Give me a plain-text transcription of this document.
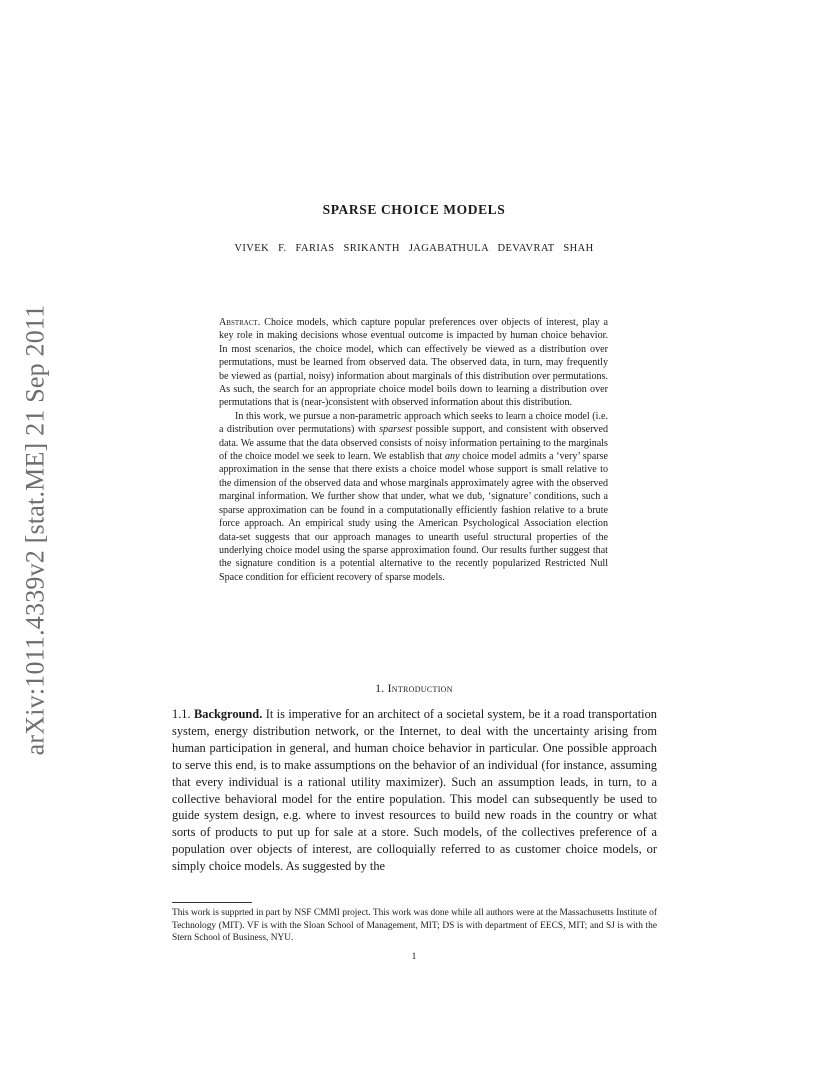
arXiv:1011.4339v2 [stat.ME] 21 Sep 2011
SPARSE CHOICE MODELS
VIVEK F. FARIAS SRIKANTH JAGABATHULA DEVAVRAT SHAH

Abstract. Choice models, which capture popular preferences over objects of interest, play a key role in making decisions whose eventual outcome is impacted by human choice behavior. In most scenarios, the choice model, which can effectively be viewed as a distribution over permutations, must be learned from observed data. The observed data, in turn, may frequently be viewed as (partial, noisy) information about marginals of this distribution over permutations. As such, the search for an appropriate choice model boils down to learning a distribution over permutations that is (near-)consistent with observed information about this distribution.

In this work, we pursue a non-parametric approach which seeks to learn a choice model (i.e. a distribution over permutations) with sparsest possible support, and consistent with observed data. We assume that the data observed consists of noisy information pertaining to the marginals of the choice model we seek to learn. We establish that any choice model admits a ‘very’ sparse approximation in the sense that there exists a choice model whose support is small relative to the dimension of the observed data and whose marginals approximately agree with the observed marginal information. We further show that under, what we dub, ‘signature’ conditions, such a sparse approximation can be found in a computationally efficiently fashion relative to a brute force approach. An empirical study using the American Psychological Association election data-set suggests that our approach manages to unearth useful structural properties of the underlying choice model using the sparse approximation found. Our results further suggest that the signature condition is a potential alternative to the recently popularized Restricted Null Space condition for efficient recovery of sparse models.

1. Introduction

1.1. Background. It is imperative for an architect of a societal system, be it a road transportation system, energy distribution network, or the Internet, to deal with the uncertainty arising from human participation in general, and human choice behavior in particular. One possible approach to serve this end, is to make assumptions on the behavior of an individual (for instance, assuming that every individual is a rational utility maximizer). Such an assumption leads, in turn, to a collective behavioral model for the entire population. This model can subsequently be used to guide system design, e.g. where to invest resources to build new roads in the country or what sorts of products to put up for sale at a store. Such models, of the collectives preference of a population over objects of interest, are colloquially referred to as customer choice models, or simply choice models. As suggested by the

This work is supprted in part by NSF CMMI project. This work was done while all authors were at the Massachusetts Institute of Technology (MIT). VF is with the Sloan School of Management, MIT; DS is with department of EECS, MIT; and SJ is with the Stern School of Business, NYU.

1
